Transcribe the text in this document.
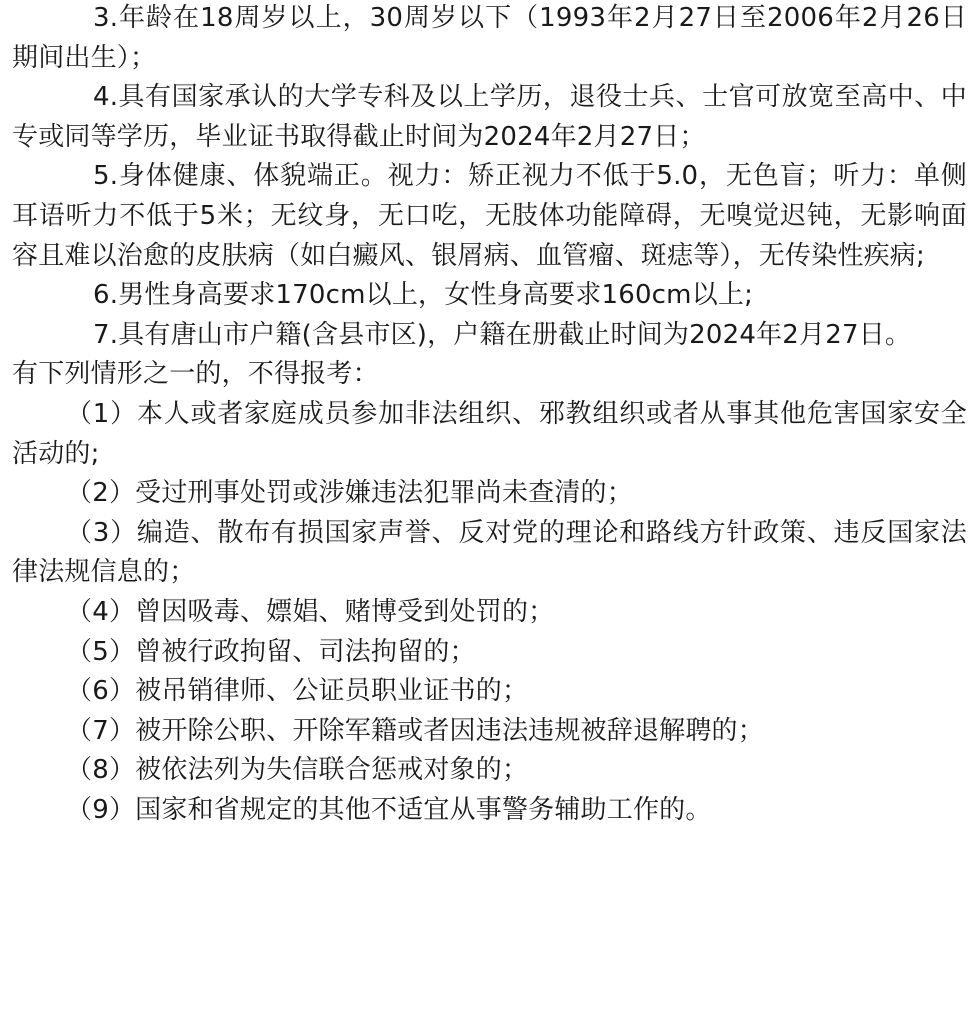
3.年龄在18周岁以上，30周岁以下（1993年2月27日至2006年2月26日期间出生）；

4.具有国家承认的大学专科及以上学历，退役士兵、士官可放宽至高中、中专或同等学历，毕业证书取得截止时间为2024年2月27日；

5.身体健康、体貌端正。视力：矫正视力不低于5.0，无色盲；听力：单侧耳语听力不低于5米；无纹身，无口吃，无肢体功能障碍，无嗅觉迟钝，无影响面容且难以治愈的皮肤病（如白癜风、银屑病、血管瘤、斑痣等），无传染性疾病;

6.男性身高要求170cm以上，女性身高要求160cm以上;

7.具有唐山市户籍(含县市区)，户籍在册截止时间为2024年2月27日。

有下列情形之一的，不得报考：

（1）本人或者家庭成员参加非法组织、邪教组织或者从事其他危害国家安全活动的;

（2）受过刑事处罚或涉嫌违法犯罪尚未查清的；

（3）编造、散布有损国家声誉、反对党的理论和路线方针政策、违反国家法律法规信息的；

（4）曾因吸毒、嫖娼、赌博受到处罚的；

（5）曾被行政拘留、司法拘留的；

（6）被吊销律师、公证员职业证书的；

（7）被开除公职、开除军籍或者因违法违规被辞退解聘的；

（8）被依法列为失信联合惩戒对象的；

（9）国家和省规定的其他不适宜从事警务辅助工作的。
